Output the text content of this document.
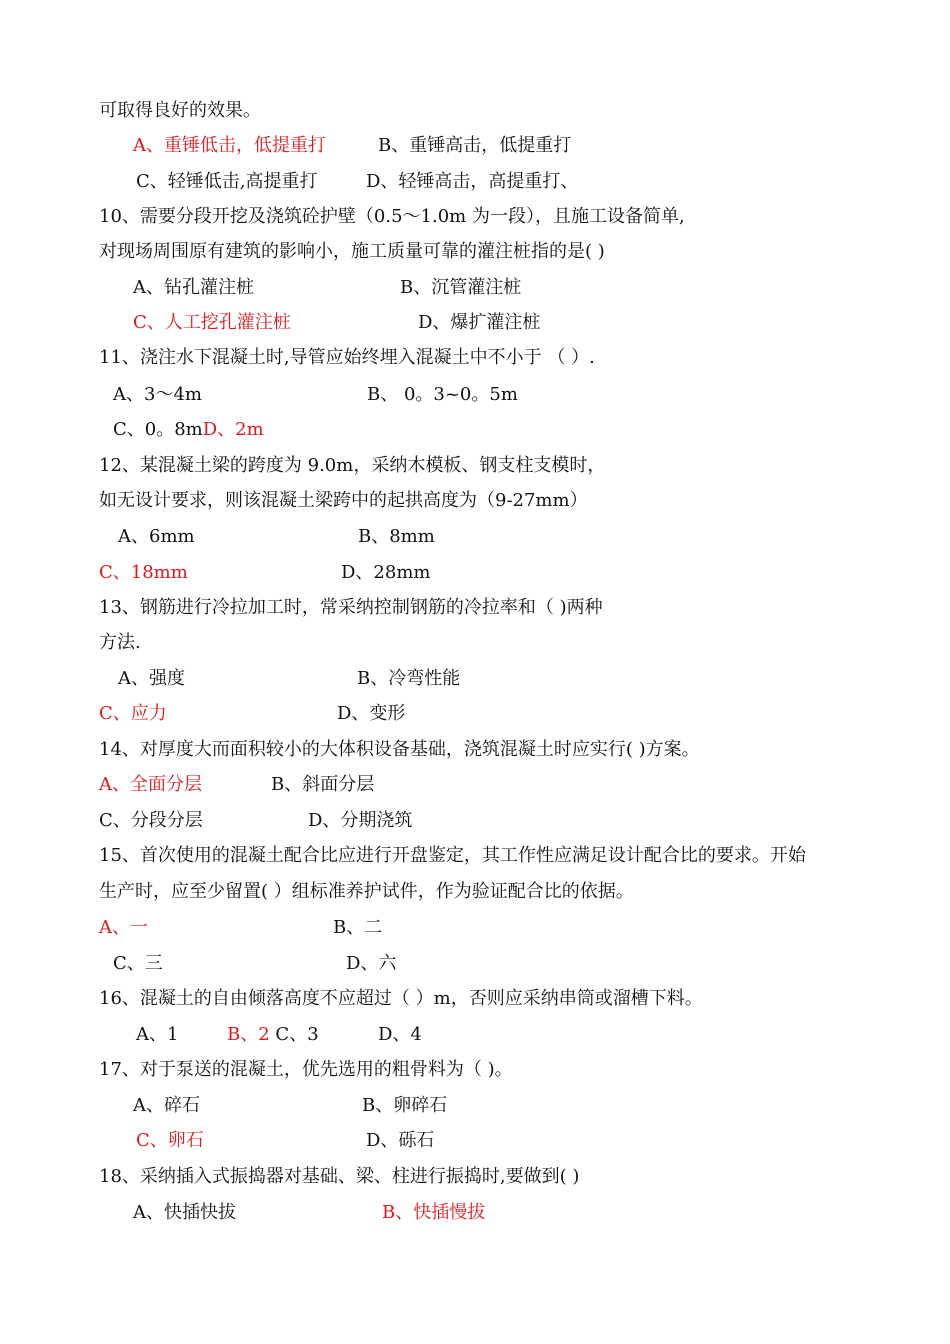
可取得良好的效果。
A、重锤低击，低提重打	B、重锤高击，低提重打
C、轻锤低击,高提重打	D、轻锤高击，高提重打、
10、需要分段开挖及浇筑砼护壁（0.5～1.0m 为一段），且施工设备简单,
对现场周围原有建筑的影响小，施工质量可靠的灌注桩指的是( )
A、钻孔灌注桩	B、沉管灌注桩
C、人工挖孔灌注桩	D、爆扩灌注桩
11、浇注水下混凝土时,导管应始终埋入混凝土中不小于 （ ）.
A、3～4m	B、 0。3~0。5m
C、0。8mD、2m
12、某混凝土梁的跨度为 9.0m，采纳木模板、钢支柱支模时，
如无设计要求，则该混凝土梁跨中的起拱高度为（9-27mm）
A、6mm	B、8mm
C、18mm	D、28mm
13、钢筋进行冷拉加工时，常采纳控制钢筋的冷拉率和（ )两种
方法.
A、强度	B、冷弯性能
C、应力	D、变形
14、对厚度大而面积较小的大体积设备基础，浇筑混凝土时应实行( )方案。
A、全面分层	B、斜面分层
C、分段分层	D、分期浇筑
15、首次使用的混凝土配合比应进行开盘鉴定，其工作性应满足设计配合比的要求。开始
生产时，应至少留置( ）组标准养护试件，作为验证配合比的依据。
A、一	B、二
C、三	D、六
16、混凝土的自由倾落高度不应超过（ ）m，否则应采纳串筒或溜槽下料。
A、1	B、2 C、3	D、4
17、对于泵送的混凝土，优先选用的粗骨料为（ )。
A、碎石	B、卵碎石
C、卵石	D、砾石
18、采纳插入式振捣器对基础、梁、柱进行振捣时,要做到( )
A、快插快拔	B、快插慢拔
